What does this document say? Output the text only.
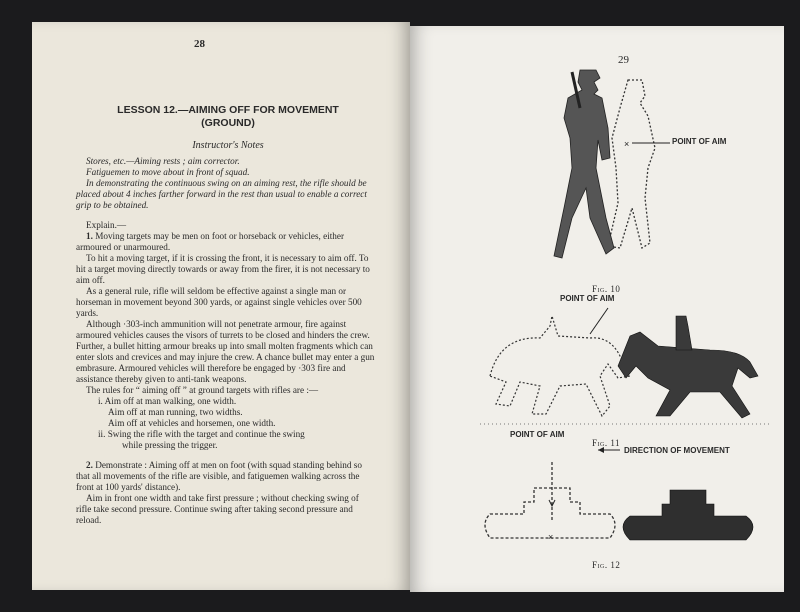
28
LESSON 12.—AIMING OFF FOR MOVEMENT
(GROUND)
Instructor's Notes

Stores, etc.—Aiming rests ; aim corrector.

Fatiguemen to move about in front of squad.

In demonstrating the continuous swing on an aiming rest, the rifle should be placed about 4 inches farther forward in the rest than usual to enable a correct grip to be obtained.

Explain.—

1. Moving targets may be men on foot or horseback or vehicles, either armoured or unarmoured.

To hit a moving target, if it is crossing the front, it is necessary to aim off. To hit a target moving directly towards or away from the firer, it is not necessary to aim off.

As a general rule, rifle will seldom be effective against a single man or horseman in movement beyond 300 yards, or against single vehicles over 500 yards.

Although ·303-inch ammunition will not penetrate armour, fire against armoured vehicles causes the visors of turrets to be closed and hinders the crew. Further, a bullet hitting armour breaks up into small molten fragments which can enter slots and crevices and may injure the crew. A chance bullet may enter a gun embrasure. Armoured vehicles will therefore be engaged by ·303 fire and assistance thereby given to anti-tank weapons.

The rules for “ aiming off ” at ground targets with rifles are :—

i. Aim off at man walking, one width.

Aim off at man running, two widths.

Aim off at vehicles and horsemen, one width.

ii. Swing the rifle with the target and continue the swing

while pressing the trigger.

2. Demonstrate : Aiming off at men on foot (with squad standing behind so that all movements of the rifle are visible, and fatiguemen walking across the front at 100 yards' distance).

Aim in front one width and take first pressure ; without checking swing of rifle take second pressure. Continue swing after taking second pressure and reload.

29
POINT OF AIM
×
Fig. 10
POINT OF AIM
Fig. 11
POINT OF AIM
DIRECTION OF MOVEMENT
×
Fig. 12
